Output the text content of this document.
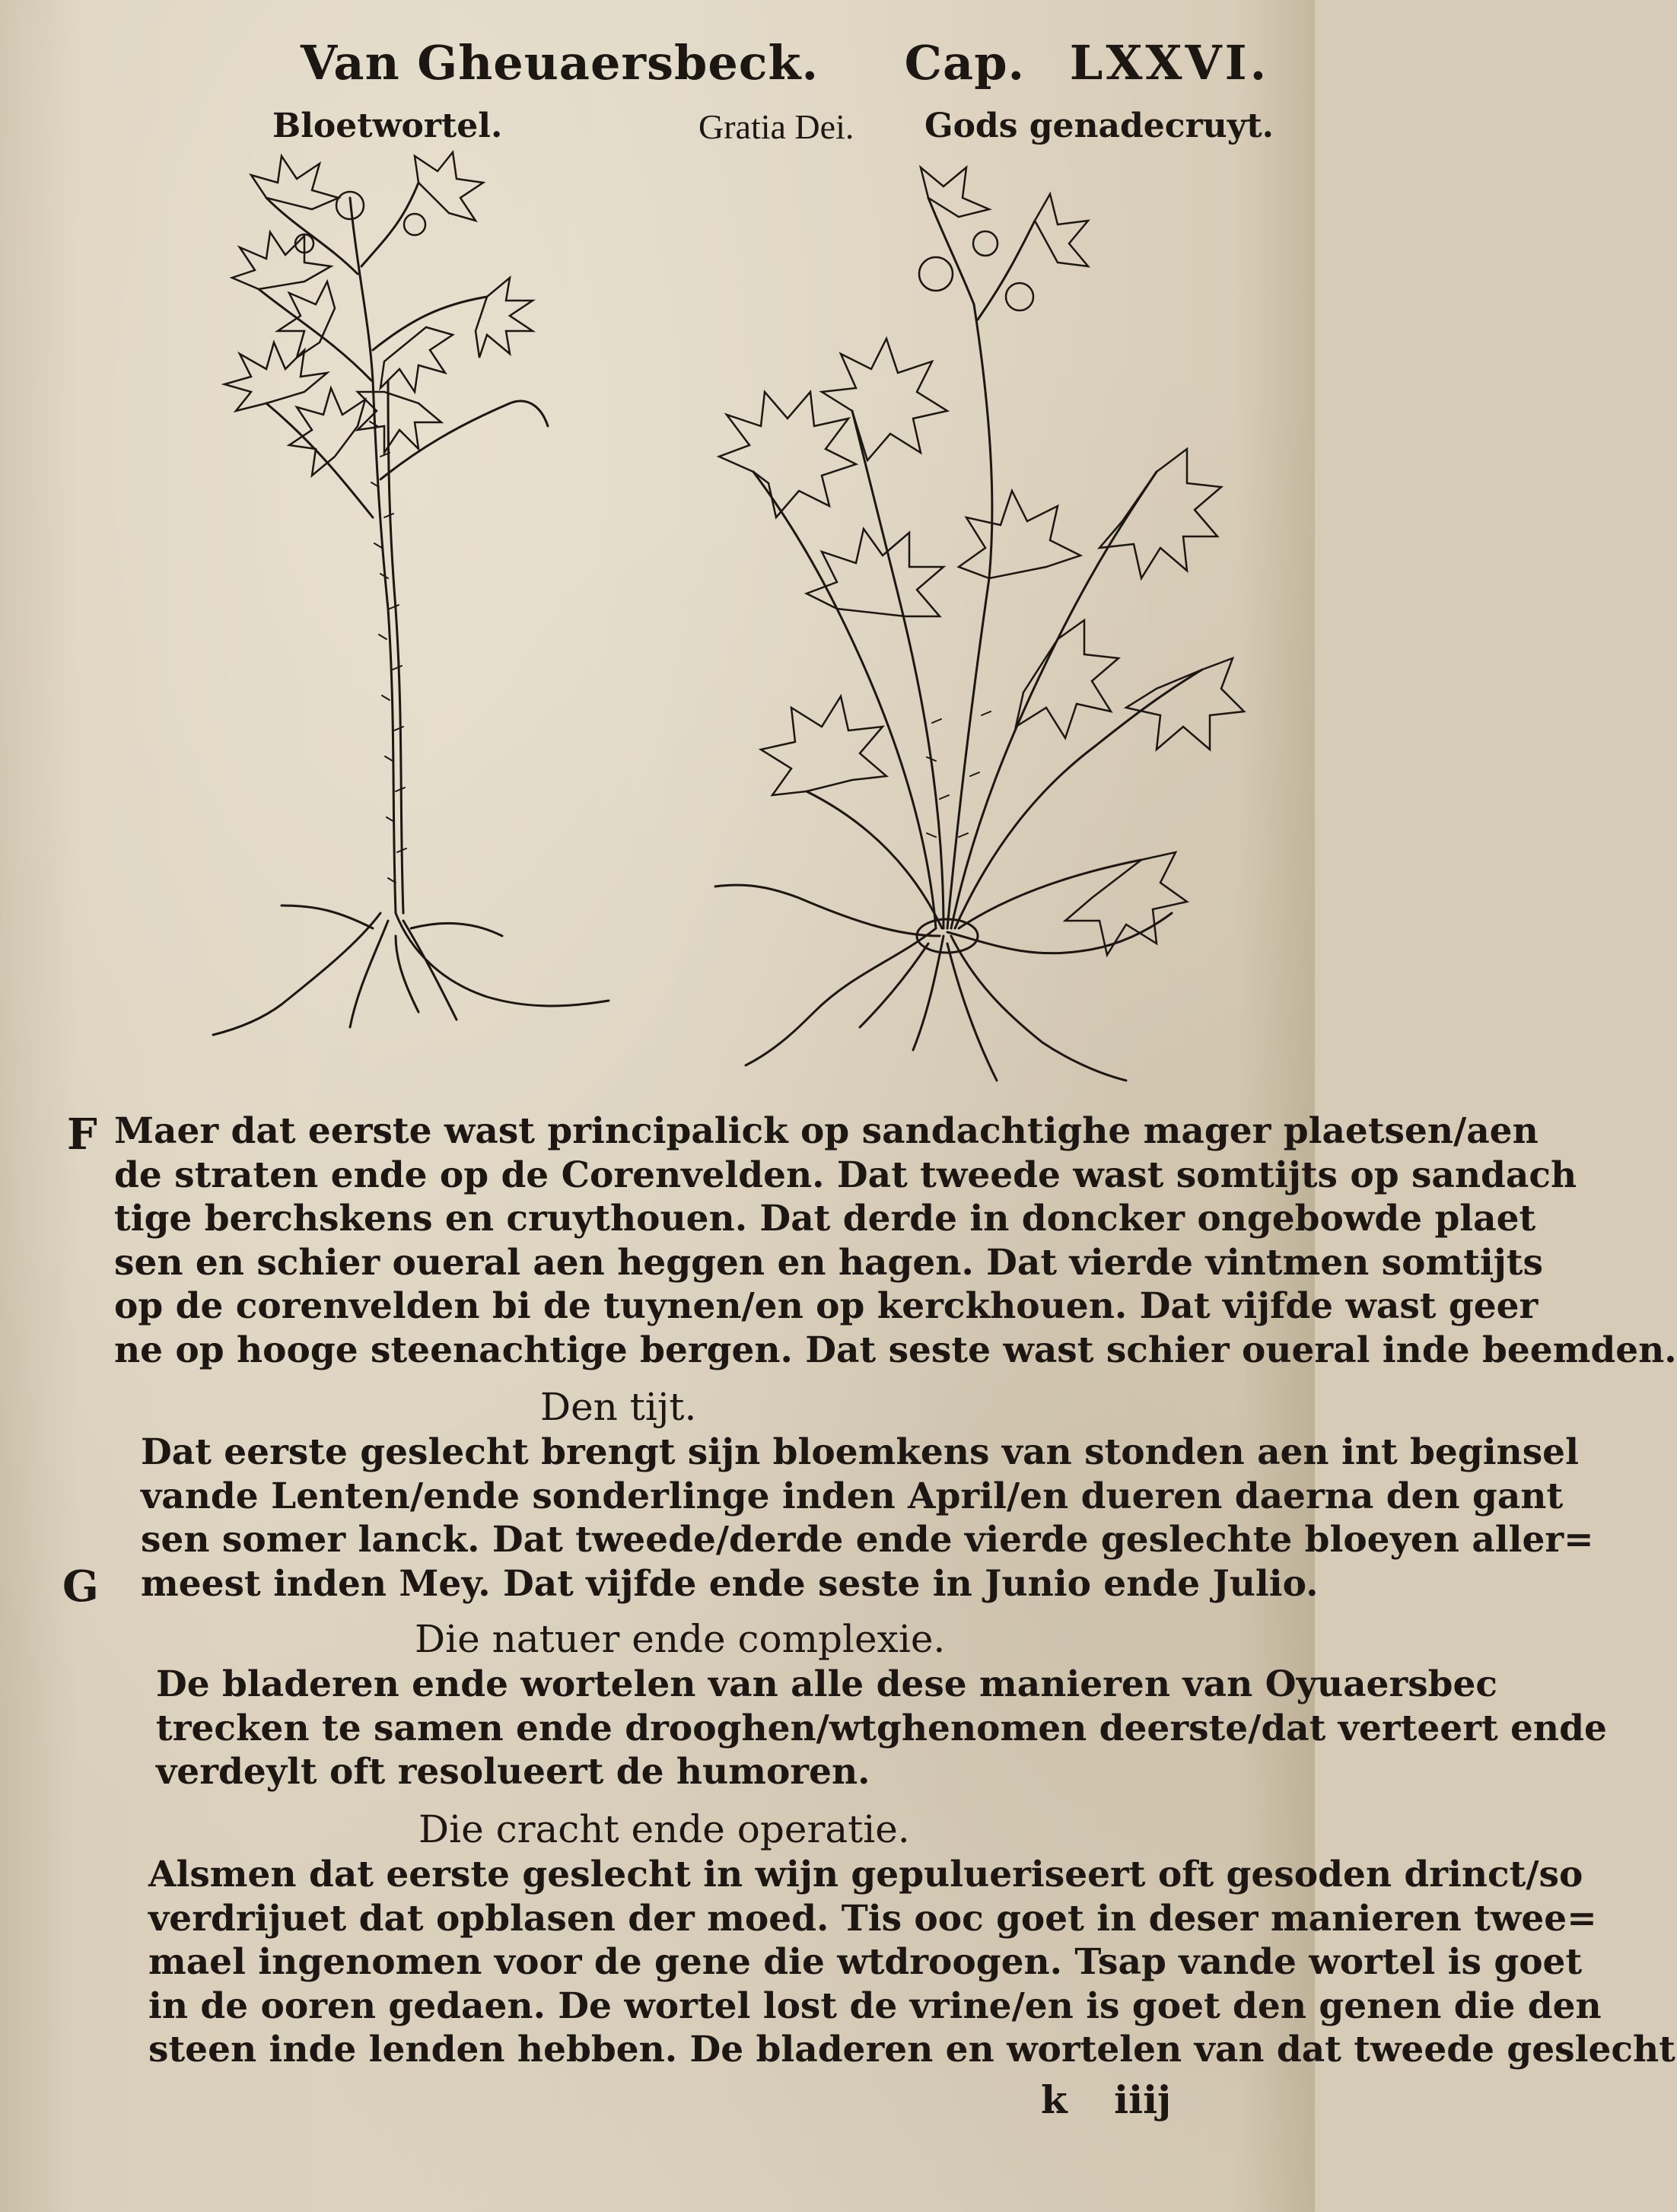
Van Gheuaersbeck. Cap. LXXVI.
Bloetwortel.	Gratia Dei. Gods genadecruyt.
F Maer dat eerste wast principalick op sandachtighe mager plaetsen/aen

de straten ende op de Corenvelden. Dat tweede wast somtijts op sandach

tige berchskens en cruythouen. Dat derde in doncker ongebowde plaet

sen en schier oueral aen heggen en hagen. Dat vierde vintmen somtijts

op de corenvelden bi de tuynen/en op kerckhouen. Dat vijfde wast geer

ne op hooge steenachtige bergen. Dat seste wast schier oueral inde beemden.

Den tijt.

Dat eerste geslecht brengt sijn bloemkens van stonden aen int beginsel

vande Lenten/ende sonderlinge inden April/en dueren daerna den gant

sen somer lanck. Dat tweede/derde ende vierde geslechte bloeyen aller=

meest inden Mey. Dat vijfde ende seste in Junio ende Julio.

G
Die natuer ende complexie.

De bladeren ende wortelen van alle dese manieren van Oyuaersbec

trecken te samen ende drooghen/wtghenomen deerste/dat verteert ende

verdeylt oft resolueert de humoren.

Die cracht ende operatie.

Alsmen dat eerste geslecht in wijn gepuluerisеert oft gesoden drinct/so

verdrijuet dat opblasen der moed. Tis ooc goet in deser manieren twee=

mael ingenomen voor de gene die wtdroogen. Tsap vande wortel is goet

in de ooren gedaen. De wortel lost de vrine/en is goet den genen die den

steen inde lenden hebben. De bladeren en wortelen van dat tweede geslecht

k iiij
